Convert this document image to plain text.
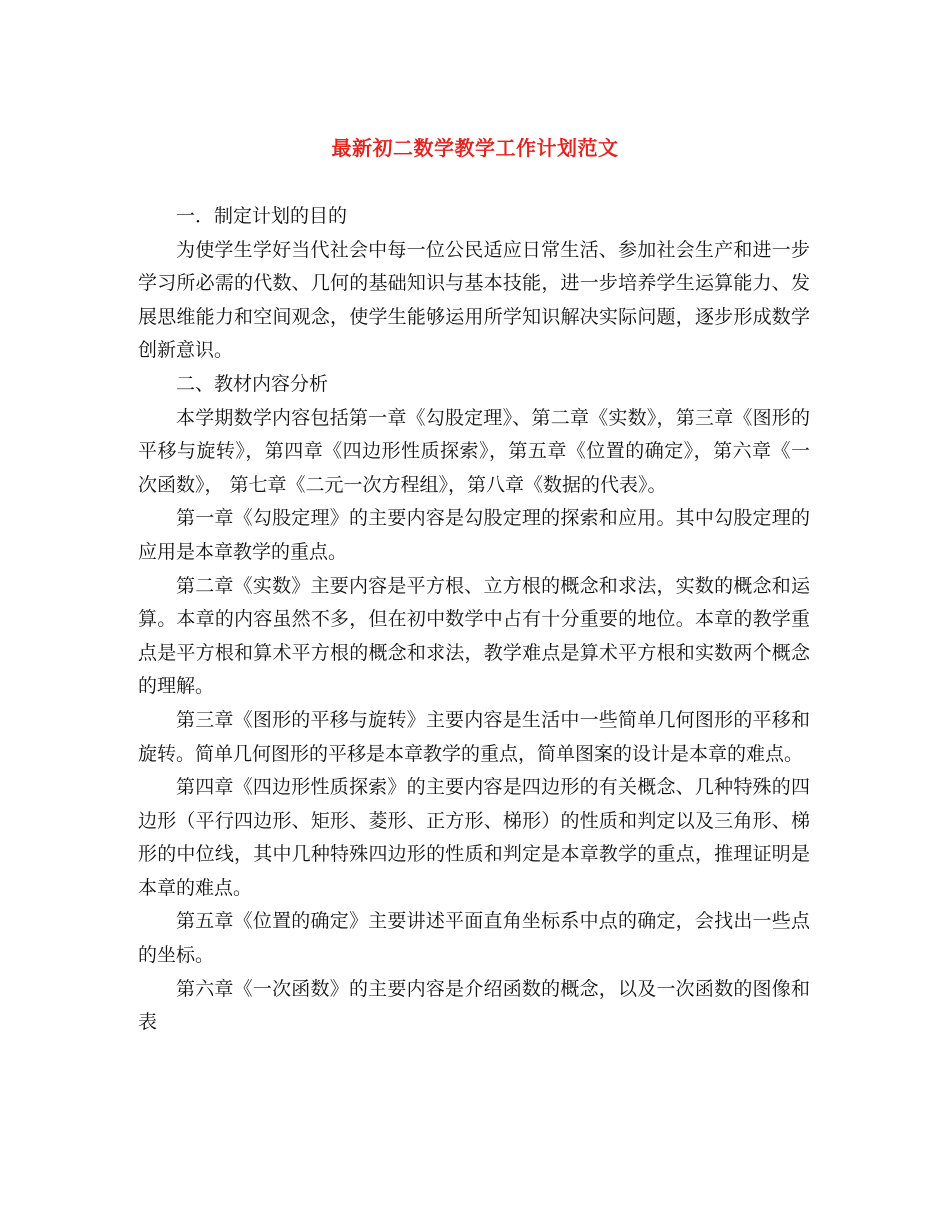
最新初二数学教学工作计划范文

一．制定计划的目的

为使学生学好当代社会中每一位公民适应日常生活、参加社会生产和进一步学习所必需的代数、几何的基础知识与基本技能，进一步培养学生运算能力、发展思维能力和空间观念，使学生能够运用所学知识解决实际问题，逐步形成数学创新意识。

二、教材内容分析

本学期数学内容包括第一章《勾股定理》、第二章《实数》，第三章《图形的平移与旋转》，第四章《四边形性质探索》，第五章《位置的确定》，第六章《一次函数》， 第七章《二元一次方程组》，第八章《数据的代表》。

第一章《勾股定理》的主要内容是勾股定理的探索和应用。其中勾股定理的应用是本章教学的重点。

第二章《实数》主要内容是平方根、立方根的概念和求法，实数的概念和运算。本章的内容虽然不多，但在初中数学中占有十分重要的地位。本章的教学重点是平方根和算术平方根的概念和求法，教学难点是算术平方根和实数两个概念的理解。

第三章《图形的平移与旋转》主要内容是生活中一些简单几何图形的平移和旋转。简单几何图形的平移是本章教学的重点，简单图案的设计是本章的难点。

第四章《四边形性质探索》的主要内容是四边形的有关概念、几种特殊的四边形（平行四边形、矩形、菱形、正方形、梯形）的性质和判定以及三角形、梯形的中位线，其中几种特殊四边形的性质和判定是本章教学的重点，推理证明是本章的难点。

第五章《位置的确定》主要讲述平面直角坐标系中点的确定，会找出一些点的坐标。

第六章《一次函数》的主要内容是介绍函数的概念，以及一次函数的图像和表
